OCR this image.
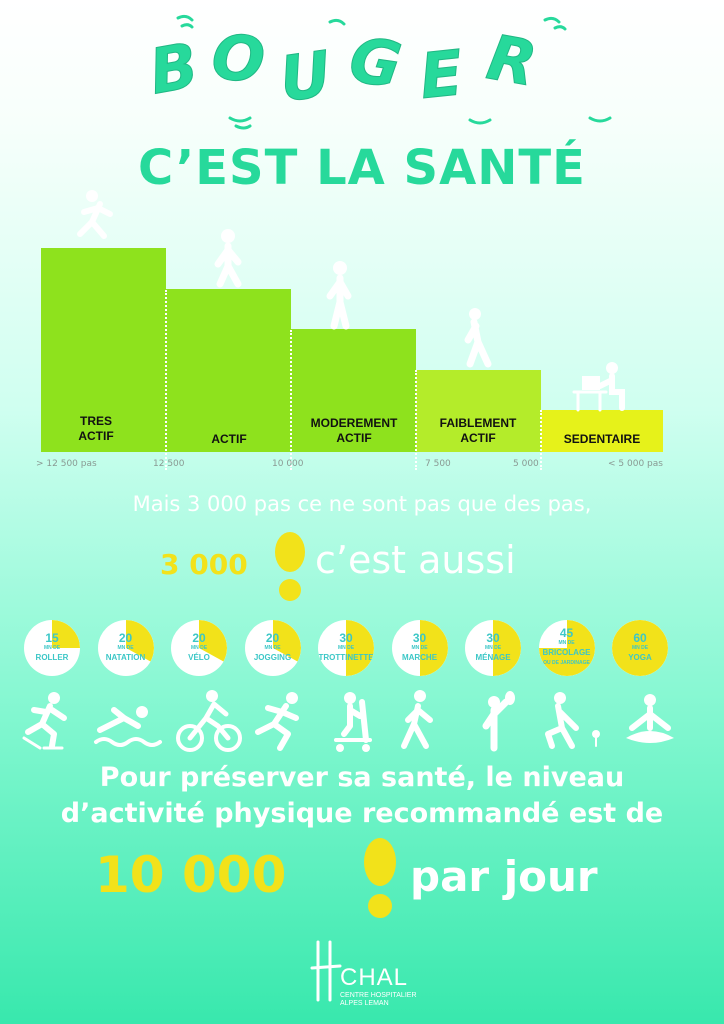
B O U G E R
C’EST LA SANTÉ
TRES ACTIF	ACTIF
MODEREMENT ACTIF
FAIBLEMENT ACTIF	SEDENTAIRE
> 12 500 pas	12 500	10 000	7 500	5 000	< 5 000 pas
Mais 3 000 pas ce ne sont pas que des pas,
3 000 c’est aussi
15
MN DE
ROLLER
20
MN DE
NATATION
20
MN DE
VÉLO
20
MN DE
JOGGING
30
MN DE
TROTTINETTE
30
MN DE
MARCHE
30
MN DE
MÉNAGE
45
MN DE
BRICOLAGE
OU DE JARDINAGE
60
MN DE
YOGA
Pour préserver sa santé, le niveau
d’activité physique recommandé est de
10 000	par jour
CHAL
CENTRE HOSPITALIER
ALPES LEMAN
